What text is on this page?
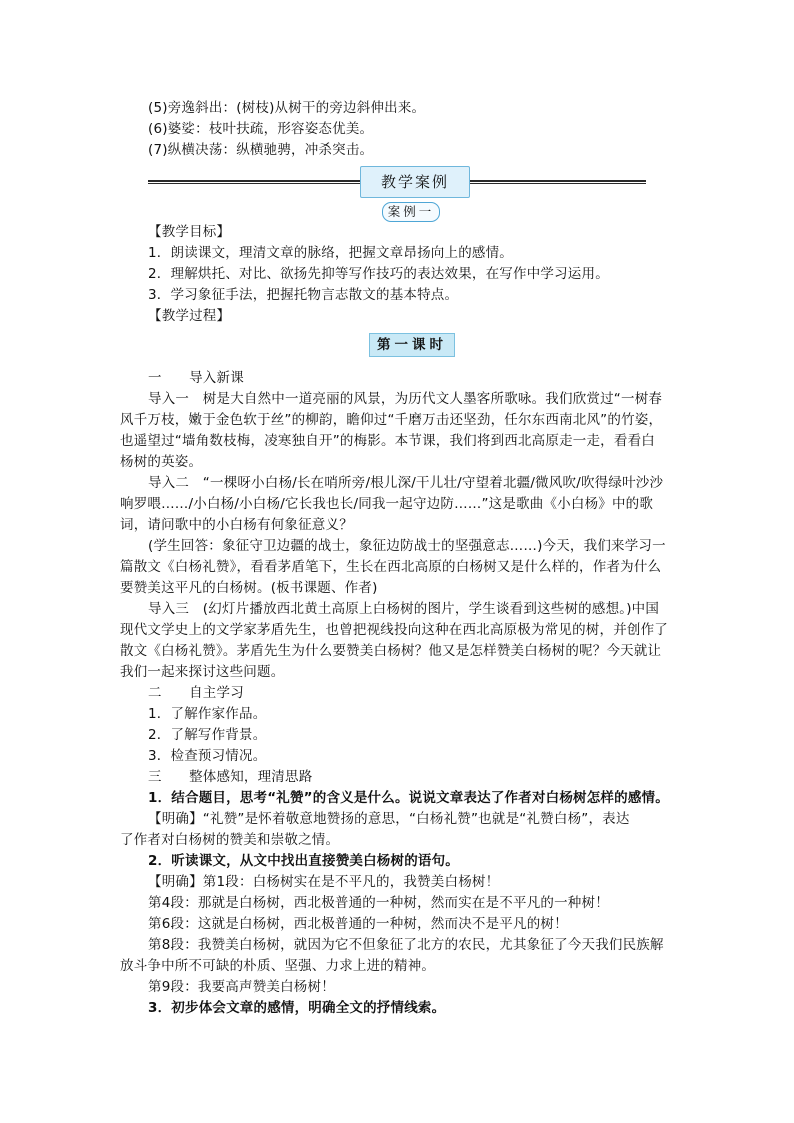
(5)旁逸斜出：(树枝)从树干的旁边斜伸出来。
(6)婆娑：枝叶扶疏，形容姿态优美。
(7)纵横决荡：纵横驰骋，冲杀突击。
教学案例
案例一
【教学目标】
1．朗读课文，理清文章的脉络，把握文章昂扬向上的感情。
2．理解烘托、对比、欲扬先抑等写作技巧的表达效果，在写作中学习运用。
3．学习象征手法，把握托物言志散文的基本特点。
【教学过程】
第一课时
一　　导入新课
导入一　树是大自然中一道亮丽的风景，为历代文人墨客所歌咏。我们欣赏过“一树春
风千万枝，嫩于金色软于丝”的柳韵，瞻仰过“千磨万击还坚劲，任尔东西南北风”的竹姿，
也遥望过“墙角数枝梅，凌寒独自开”的梅影。本节课，我们将到西北高原走一走，看看白
杨树的英姿。
导入二　“一棵呀小白杨/长在哨所旁/根儿深/干儿壮/守望着北疆/微风吹/吹得绿叶沙沙
响罗喂……/小白杨/小白杨/它长我也长/同我一起守边防……”这是歌曲《小白杨》中的歌
词，请问歌中的小白杨有何象征意义？
(学生回答：象征守卫边疆的战士，象征边防战士的坚强意志……)今天，我们来学习一
篇散文《白杨礼赞》，看看茅盾笔下，生长在西北高原的白杨树又是什么样的，作者为什么
要赞美这平凡的白杨树。(板书课题、作者)
导入三　(幻灯片播放西北黄土高原上白杨树的图片，学生谈看到这些树的感想。)中国
现代文学史上的文学家茅盾先生，也曾把视线投向这种在西北高原极为常见的树，并创作了
散文《白杨礼赞》。茅盾先生为什么要赞美白杨树？他又是怎样赞美白杨树的呢？今天就让
我们一起来探讨这些问题。
二　　自主学习
1．了解作家作品。
2．了解写作背景。
3．检查预习情况。
三　　整体感知，理清思路
1．结合题目，思考“礼赞”的含义是什么。说说文章表达了作者对白杨树怎样的感情。
【明确】“礼赞”是怀着敬意地赞扬的意思，“白杨礼赞”也就是“礼赞白杨”，表达
了作者对白杨树的赞美和崇敬之情。
2．听读课文，从文中找出直接赞美白杨树的语句。
【明确】第1段：白杨树实在是不平凡的，我赞美白杨树！
第4段：那就是白杨树，西北极普通的一种树，然而实在是不平凡的一种树！
第6段：这就是白杨树，西北极普通的一种树，然而决不是平凡的树！
第8段：我赞美白杨树，就因为它不但象征了北方的农民，尤其象征了今天我们民族解
放斗争中所不可缺的朴质、坚强、力求上进的精神。
第9段：我要高声赞美白杨树！
3．初步体会文章的感情，明确全文的抒情线索。
